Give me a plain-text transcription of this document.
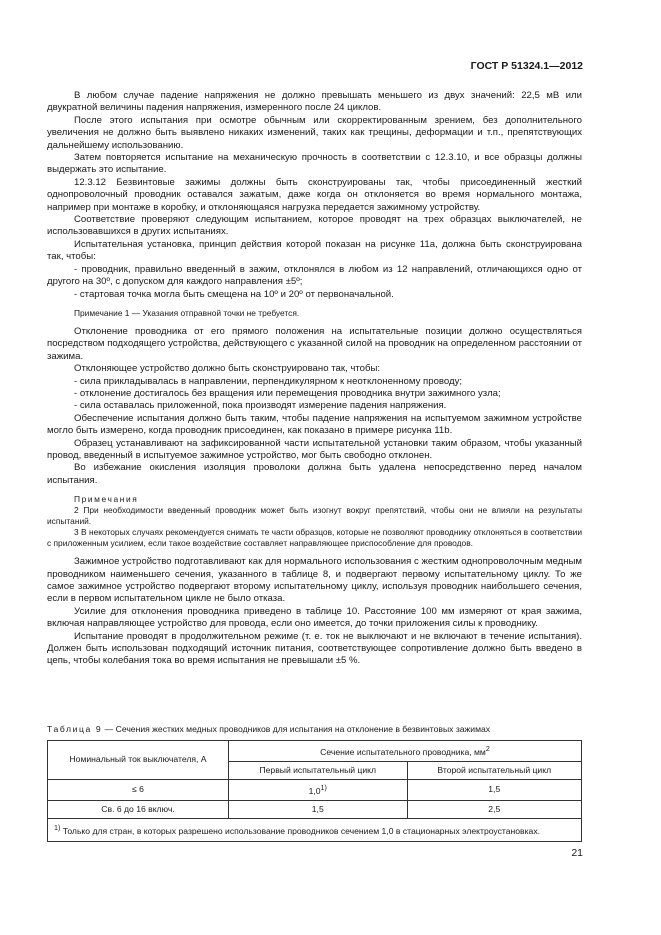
ГОСТ Р 51324.1—2012

В любом случае падение напряжения не должно превышать меньшего из двух значений: 22,5 мВ или двукратной величины падения напряжения, измеренного после 24 циклов.

После этого испытания при осмотре обычным или скорректированным зрением, без дополнительного увеличения не должно быть выявлено никаких изменений, таких как трещины, деформации и т.п., препятствующих дальнейшему использованию.

Затем повторяется испытание на механическую прочность в соответствии с 12.3.10, и все образцы должны выдержать это испытание.

12.3.12 Безвинтовые зажимы должны быть сконструированы так, чтобы присоединенный жесткий однопроволочный проводник оставался зажатым, даже когда он отклоняется во время нормального монтажа, например при монтаже в коробку, и отклоняющаяся нагрузка передается зажимному устройству.

Соответствие проверяют следующим испытанием, которое проводят на трех образцах выключателей, не использовавшихся в других испытаниях.

Испытательная установка, принцип действия которой показан на рисунке 11а, должна быть сконструирована так, чтобы:

- проводник, правильно введенный в зажим, отклонялся в любом из 12 направлений, отличающихся одно от другого на 30º, с допуском для каждого направления ±5º;

- стартовая точка могла быть смещена на 10º и 20º от первоначальной.

Примечание 1 — Указания отправной точки не требуется.

Отклонение проводника от его прямого положения на испытательные позиции должно осуществляться посредством подходящего устройства, действующего с указанной силой на проводник на определенном расстоянии от зажима.

Отклоняющее устройство должно быть сконструировано так, чтобы:

- сила прикладывалась в направлении, перпендикулярном к неотклоненному проводу;

- отклонение достигалось без вращения или перемещения проводника внутри зажимного узла;

- сила оставалась приложенной, пока производят измерение падения напряжения.

Обеспечение испытания должно быть таким, чтобы падение напряжения на испытуемом зажимном устройстве могло быть измерено, когда проводник присоединен, как показано в примере рисунка 11b.

Образец устанавливают на зафиксированной части испытательной установки таким образом, чтобы указанный провод, введенный в испытуемое зажимное устройство, мог быть свободно отклонен.

Во избежание окисления изоляция проволоки должна быть удалена непосредственно перед началом испытания.

Примечания

2 При необходимости введенный проводник может быть изогнут вокруг препятствий, чтобы они не влияли на результаты испытаний.

3 В некоторых случаях рекомендуется снимать те части образцов, которые не позволяют проводнику отклоняться в соответствии с приложенным усилием, если такое воздействие составляет направляющее приспособление для проводов.

Зажимное устройство подготавливают как для нормального использования с жестким однопроволочным медным проводником наименьшего сечения, указанного в таблице 8, и подвергают первому испытательному циклу. То же самое зажимное устройство подвергают второму испытательному циклу, используя проводник наибольшего сечения, если в первом испытательном цикле не было отказа.

Усилие для отклонения проводника приведено в таблице 10. Расстояние 100 мм измеряют от края зажима, включая направляющее устройство для провода, если оно имеется, до точки приложения силы к проводнику.

Испытание проводят в продолжительном режиме (т. е. ток не выключают и не включают в течение испытания). Должен быть использован подходящий источник питания, соответствующее сопротивление должно быть введено в цепь, чтобы колебания тока во время испытания не превышали ±5 %.

Таблица 9 — Сечения жестких медных проводников для испытания на отклонение в безвинтовых зажимах
Номинальный ток выключателя, А	Сечение испытательного проводника, $мм^2$
	Первый испытательный цикл	Второй испытательный цикл
≤ 6	1,0$^{1)}$	1,5
Св. 6 до 16 включ.	1,5	2,5
$^{1)}$ Только для стран, в которых разрешено использование проводников сечением 1,0 в стационарных электроустановках.		
21
